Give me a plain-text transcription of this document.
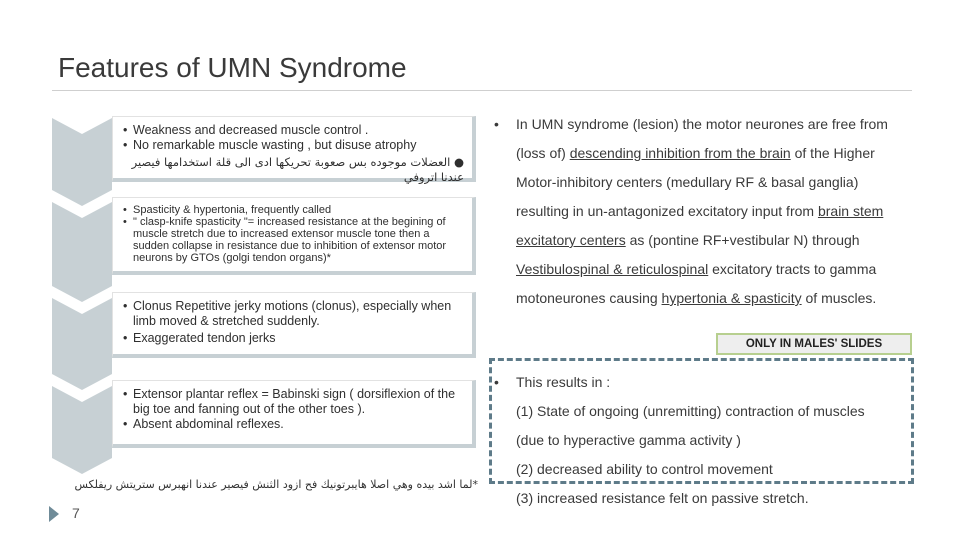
Features of UMN Syndrome
• Weakness and decreased muscle control .
• No remarkable muscle wasting , but disuse atrophy
● العضلات موجوده بس صعوبة تحريكها ادى الى قلة استخدامها فيصير عندنا اتروفي
• Spasticity & hypertonia, frequently called
• " clasp-knife spasticity "= increased resistance at the begining of muscle stretch due to increased extensor muscle tone then a sudden collapse in resistance due to inhibition of extensor motor neurons by GTOs (golgi tendon organs)*
• Clonus Repetitive jerky motions (clonus), especially when limb moved & stretched suddenly.
• Exaggerated tendon jerks
• Extensor plantar reflex = Babinski sign ( dorsiflexion of the big toe and fanning out of the other toes ).
• Absent abdominal reflexes.
*لما اشد بيده وهي اصلا هايبرتونيك فح ازود الثنش فيصير عندنا انهبرس ستريتش ريفلكس
7
• In UMN syndrome (lesion) the motor neurones are free from (loss of) descending inhibition from the brain of the Higher Motor-inhibitory centers (medullary RF & basal ganglia) resulting in un-antagonized excitatory input from brain stem excitatory centers as (pontine RF+vestibular N) through Vestibulospinal & reticulospinal excitatory tracts to gamma motoneurones causing hypertonia & spasticity of muscles.
ONLY IN MALES' SLIDES
• This results in :
(1) State of ongoing (unremitting) contraction of muscles
(due to hyperactive gamma activity )
(2) decreased ability to control movement
(3) increased resistance felt on passive stretch.
